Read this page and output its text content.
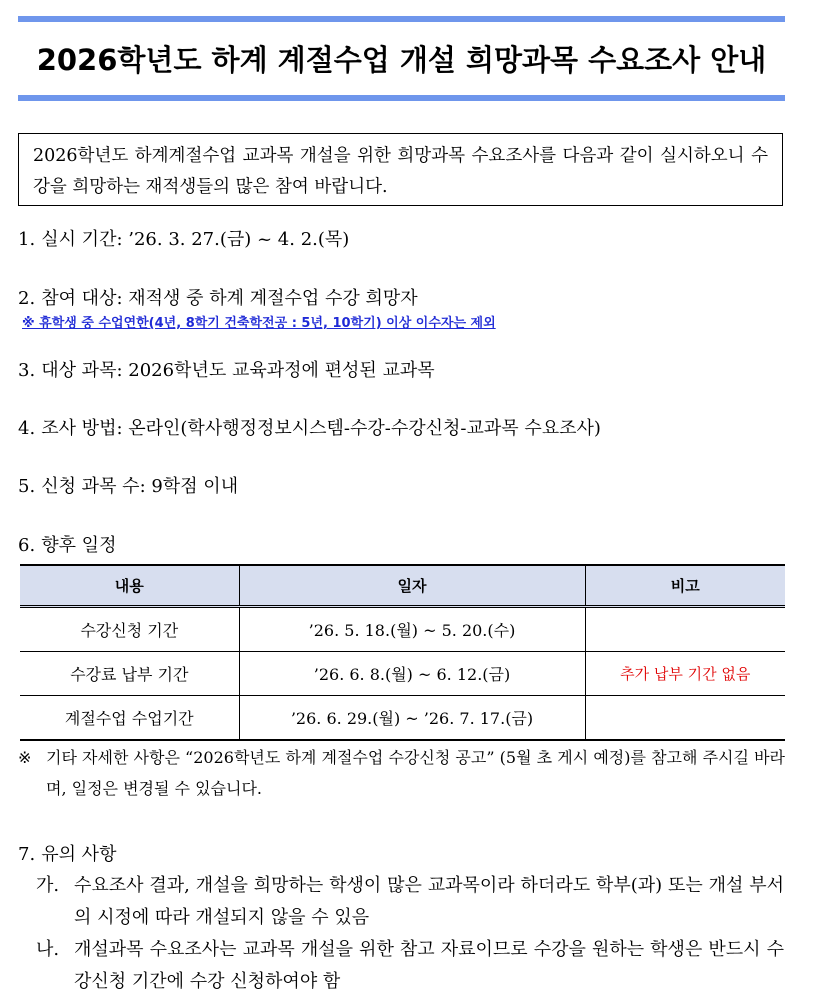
2026학년도 하계 계절수업 개설 희망과목 수요조사 안내
2026학년도 하계계절수업 교과목 개설을 위한 희망과목 수요조사를 다음과 같이 실시하오니 수강을 희망하는 재적생들의 많은 참여 바랍니다.
1. 실시 기간: ’26. 3. 27.(금) ~ 4. 2.(목)
2. 참여 대상: 재적생 중 하계 계절수업 수강 희망자
※ 휴학생 중 수업연한(4년, 8학기 건축학전공 : 5년, 10학기) 이상 이수자는 제외
3. 대상 과목: 2026학년도 교육과정에 편성된 교과목
4. 조사 방법: 온라인(학사행정정보시스템-수강-수강신청-교과목 수요조사)
5. 신청 과목 수: 9학점 이내
6. 향후 일정
내용	일자	비고
수강신청 기간	’26. 5. 18.(월) ~ 5. 20.(수)	
수강료 납부 기간	’26. 6. 8.(월) ~ 6. 12.(금)	추가 납부 기간 없음
계절수업 수업기간	’26. 6. 29.(월) ~ ’26. 7. 17.(금)	
※ 기타 자세한 사항은 “2026학년도 하계 계절수업 수강신청 공고” (5월 초 게시 예정)를 참고해 주시길 바라며, 일정은 변경될 수 있습니다.
7. 유의 사항
가. 수요조사 결과, 개설을 희망하는 학생이 많은 교과목이라 하더라도 학부(과) 또는 개설 부서의 시정에 따라 개설되지 않을 수 있음
나. 개설과목 수요조사는 교과목 개설을 위한 참고 자료이므로 수강을 원하는 학생은 반드시 수강신청 기간에 수강 신청하여야 함
